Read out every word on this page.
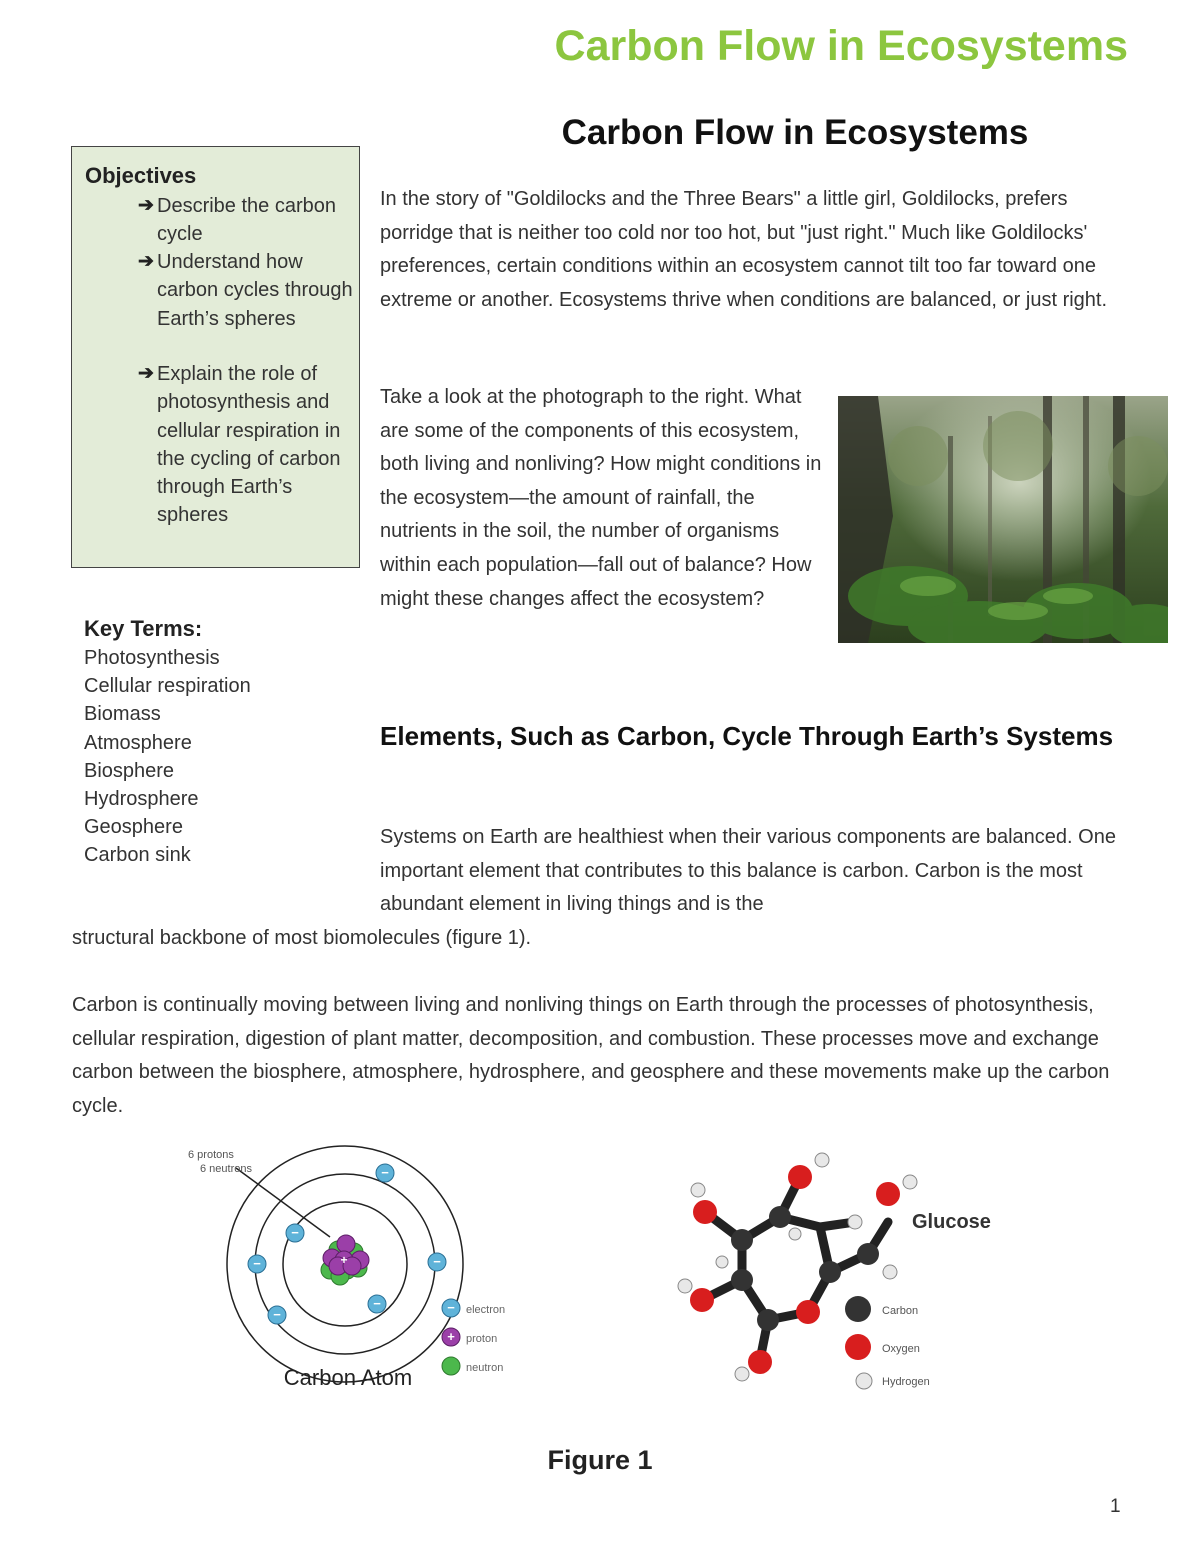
Carbon Flow in Ecosystems
Carbon Flow in Ecosystems
Objectives
➔ Describe the carbon cycle
➔ Understand how carbon cycles through Earth’s spheres
➔ Explain the role of photosynthesis and cellular respiration in the cycling of carbon through Earth’s spheres
Key Terms:
Photosynthesis
Cellular respiration
Biomass
Atmosphere
Biosphere
Hydrosphere
Geosphere
Carbon sink
In the story of "Goldilocks and the Three Bears" a little girl, Goldilocks, prefers porridge that is neither too cold nor too hot, but "just right." Much like Goldilocks' preferences, certain conditions within an ecosystem cannot tilt too far toward one extreme or another. Ecosystems thrive when conditions are balanced, or just right.
Take a look at the photograph to the right. What are some of the components of this ecosystem, both living and nonliving? How might conditions in the ecosystem—the amount of rainfall, the nutrients in the soil, the number of organisms within each population—fall out of balance? How might these changes affect the ecosystem?
Elements, Such as Carbon, Cycle Through Earth’s Systems
Systems on Earth are healthiest when their various components are balanced. One important element that contributes to this balance is carbon. Carbon is the most abundant element in living things and is the
structural backbone of most biomolecules (figure 1).
Carbon is continually moving between living and nonliving things on Earth through the processes of photosynthesis, cellular respiration, digestion of plant matter, decomposition, and combustion. These processes move and exchange carbon between the biosphere, atmosphere, hydrosphere, and geosphere and these movements make up the carbon cycle.
6 protons
6 neutrons
+
−
−
−
−
−
−	− electron
+ proton
neutron
Carbon Atom
Glucose
Carbon
Oxygen
Hydrogen
Figure 1
1
